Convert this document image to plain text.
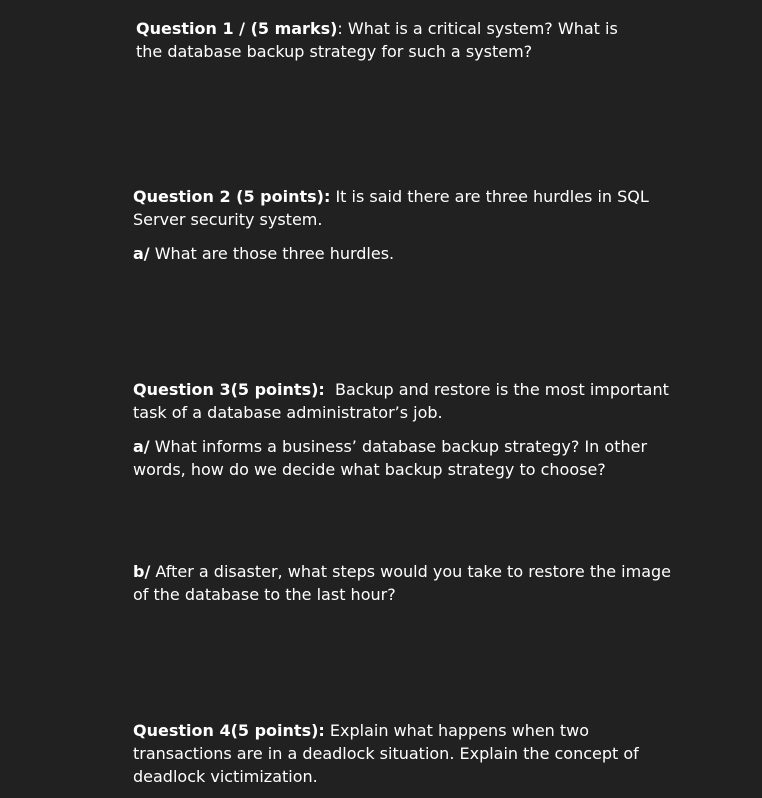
Question 1 / (5 marks): What is a critical system? What is the database backup strategy for such a system?

Question 2 (5 points): It is said there are three hurdles in SQL Server security system.

a/ What are those three hurdles.

Question 3(5 points):  Backup and restore is the most important task of a database administrator’s job.

a/ What informs a business’ database backup strategy? In other words, how do we decide what backup strategy to choose?

b/ After a disaster, what steps would you take to restore the image of the database to the last hour?

Question 4(5 points): Explain what happens when two transactions are in a deadlock situation. Explain the concept of deadlock victimization.
